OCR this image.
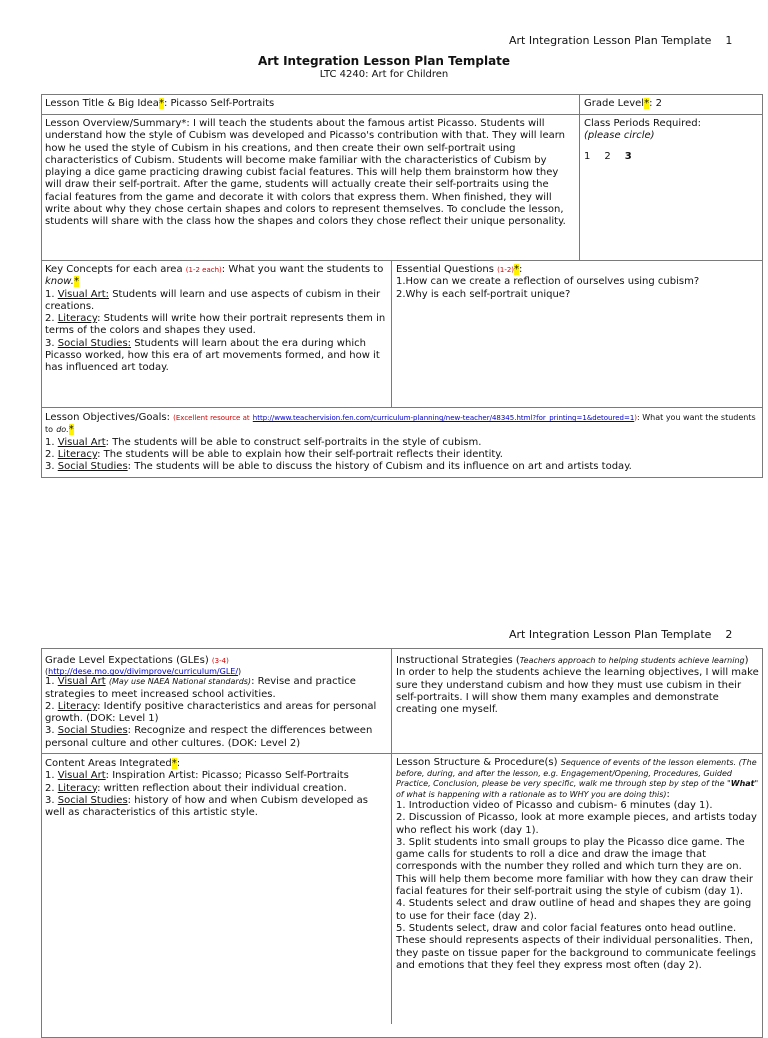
Art Integration Lesson Plan Template 1
Art Integration Lesson Plan Template
LTC 4240: Art for Children
Lesson Title & Big Idea*: Picasso Self-Portraits	Grade Level*: 2
Lesson Overview/Summary*: I will teach the students about the famous artist Picasso. Students will understand how the style of Cubism was developed and Picasso's contribution with that. They will learn how he used the style of Cubism in his creations, and then create their own self-portrait using characteristics of Cubism. Students will become make familiar with the characteristics of Cubism by playing a dice game practicing drawing cubist facial features. This will help them brainstorm how they will draw their self-portrait. After the game, students will actually create their self-portraits using the facial features from the game and decorate it with colors that express them. When finished, they will write about why they chose certain shapes and colors to represent themselves. To conclude the lesson, students will share with the class how the shapes and colors they chose reflect their unique personality.

Class Periods Required:

(please circle)

1 2 3

Key Concepts for each area (1-2 each): What you want the students to know.*

1. Visual Art: Students will learn and use aspects of cubism in their creations.

2. Literacy: Students will write how their portrait represents them in terms of the colors and shapes they used.

3. Social Studies: Students will learn about the era during which Picasso worked, how this era of art movements formed, and how it has influenced art today.

Essential Questions (1-2)*:

1.How can we create a reflection of ourselves using cubism?

2.Why is each self-portrait unique?

Lesson Objectives/Goals: (Excellent resource at http://www.teachervision.fen.com/curriculum-planning/new-teacher/48345.html?for_printing=1&detoured=1): What you want the students to do.*

1. Visual Art: The students will be able to construct self-portraits in the style of cubism.

2. Literacy: The students will be able to explain how their self-portrait reflects their identity.

3. Social Studies: The students will be able to discuss the history of Cubism and its influence on art and artists today.

Art Integration Lesson Plan Template 2

Grade Level Expectations (GLEs) (3-4)

(http://dese.mo.gov/divimprove/curriculum/GLE/)

1. Visual Art (May use NAEA National standards): Revise and practice strategies to meet increased school activities.

2. Literacy: Identify positive characteristics and areas for personal growth. (DOK: Level 1)

3. Social Studies: Recognize and respect the differences between personal culture and other cultures. (DOK: Level 2)

Instructional Strategies (Teachers approach to helping students achieve learning)

In order to help the students achieve the learning objectives, I will make sure they understand cubism and how they must use cubism in their self-portraits. I will show them many examples and demonstrate creating one myself.

Content Areas Integrated*:

1. Visual Art: Inspiration Artist: Picasso; Picasso Self-Portraits

2. Literacy: written reflection about their individual creation.

3. Social Studies: history of how and when Cubism developed as well as characteristics of this artistic style.

Lesson Structure & Procedure(s) Sequence of events of the lesson elements. (The before, during, and after the lesson, e.g. Engagement/Opening, Procedures, Guided Practice, Conclusion, please be very specific, walk me through step by step of the "What" of what is happening with a rationale as to WHY you are doing this):

1. Introduction video of Picasso and cubism- 6 minutes (day 1).

2. Discussion of Picasso, look at more example pieces, and artists today who reflect his work (day 1).

3. Split students into small groups to play the Picasso dice game. The game calls for students to roll a dice and draw the image that corresponds with the number they rolled and which turn they are on. This will help them become more familiar with how they can draw their facial features for their self-portrait using the style of cubism (day 1).

4. Students select and draw outline of head and shapes they are going to use for their face (day 2).

5. Students select, draw and color facial features onto head outline. These should represents aspects of their individual personalities. Then, they paste on tissue paper for the background to communicate feelings and emotions that they feel they express most often (day 2).
